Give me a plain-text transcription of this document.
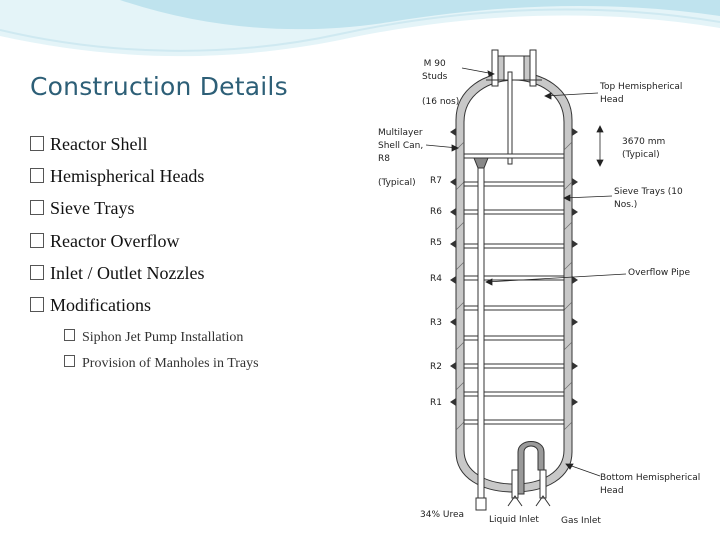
Construction Details
Reactor Shell
Hemispherical Heads
Sieve Trays
Reactor Overflow
Inlet / Outlet Nozzles
Modifications
Siphon Jet Pump Installation
Provision of Manholes in Trays
M 90
Studs
(16 nos)
Top Hemispherical
Head
Multilayer
Shell Can,
R8
(Typical)
3670 mm
(Typical)
Sieve Trays (10
Nos.)
Overflow Pipe
Bottom Hemispherical
Head
34% Urea	Liquid Inlet Gas Inlet
R7
R6
R5
R4
R3
R2
R1
